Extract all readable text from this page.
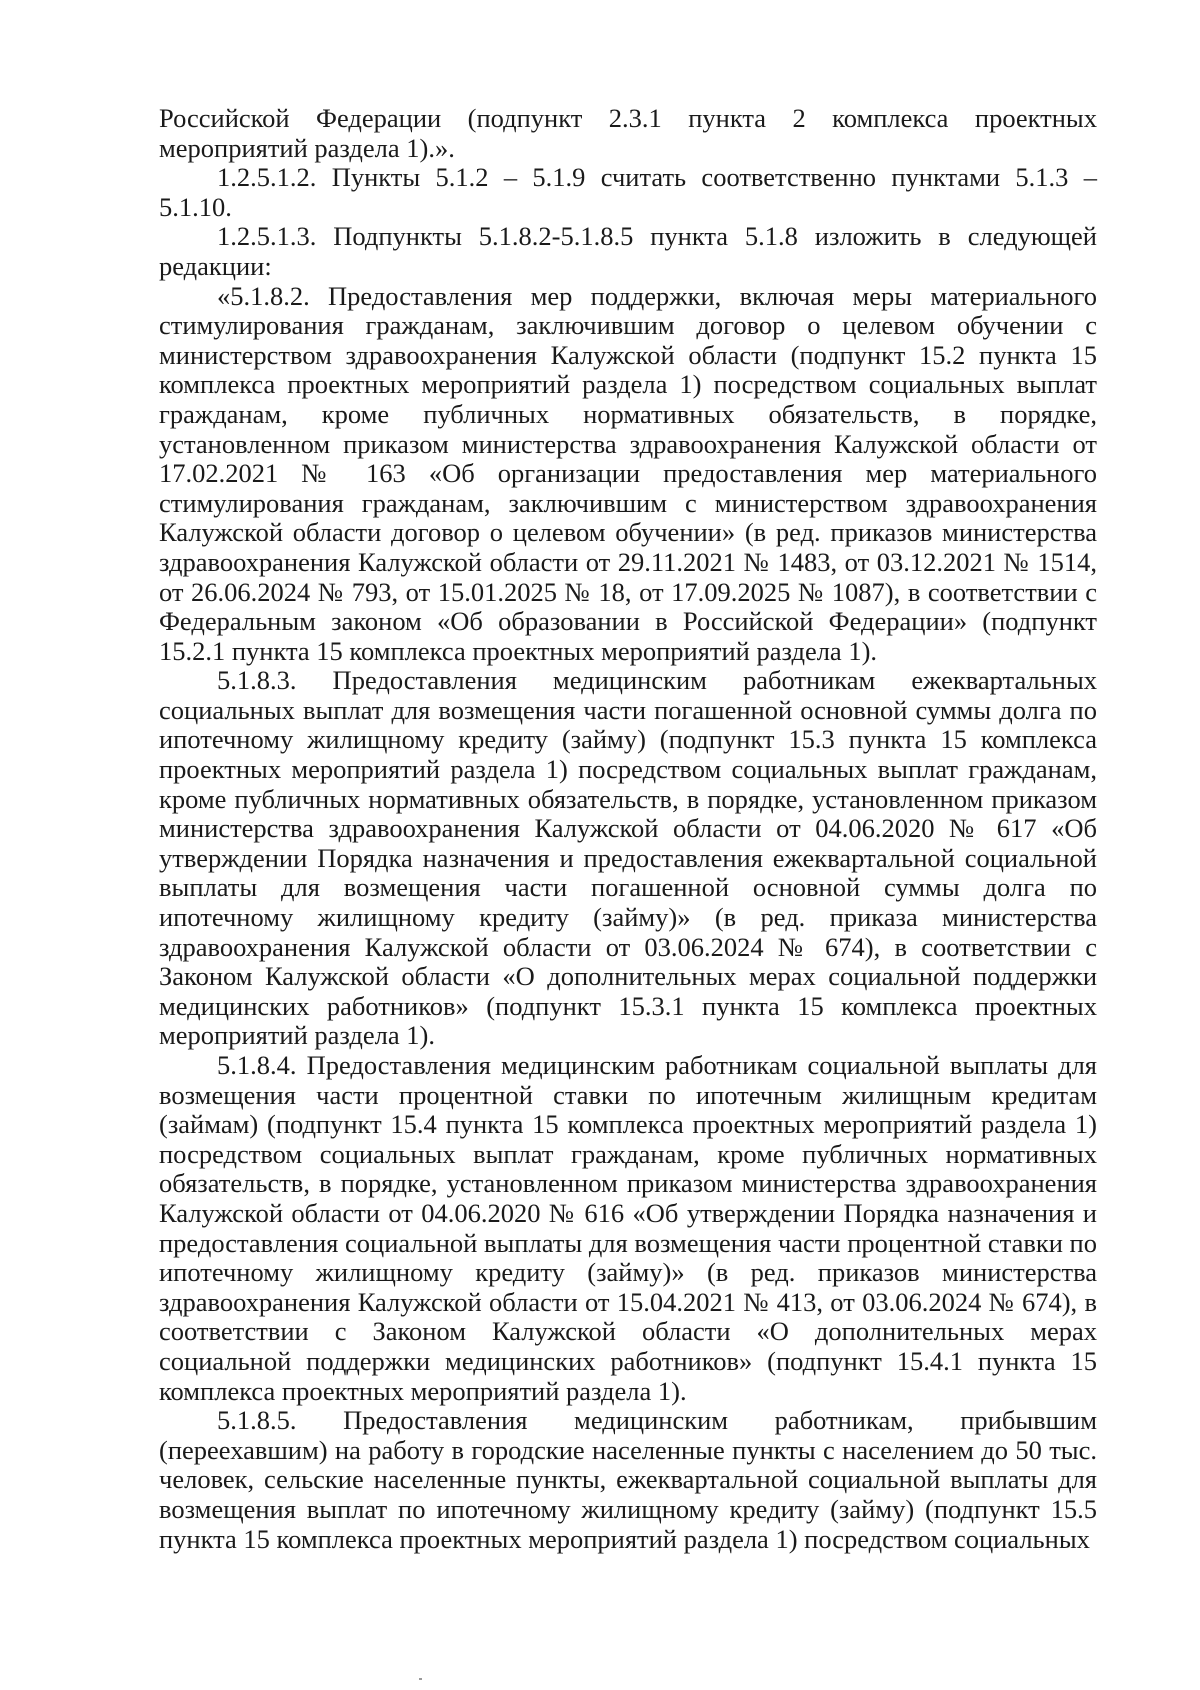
Российской Федерации (подпункт 2.3.1 пункта 2 комплекса проектных мероприятий раздела 1).».

1.2.5.1.2. Пункты 5.1.2 – 5.1.9 считать соответственно пунктами 5.1.3 – 5.1.10.

1.2.5.1.3. Подпункты 5.1.8.2-5.1.8.5 пункта 5.1.8 изложить в следующей редакции:

«5.1.8.2. Предоставления мер поддержки, включая меры материального стимулирования гражданам, заключившим договор о целевом обучении с министерством здравоохранения Калужской области (подпункт 15.2 пункта 15 комплекса проектных мероприятий раздела 1) посредством социальных выплат гражданам, кроме публичных нормативных обязательств, в порядке, установленном приказом министерства здравоохранения Калужской области от 17.02.2021 № 163 «Об организации предоставления мер материального стимулирования гражданам, заключившим с министерством здравоохранения Калужской области договор о целевом обучении» (в ред. приказов министерства здравоохранения Калужской области от 29.11.2021 № 1483, от 03.12.2021 № 1514, от 26.06.2024 № 793, от 15.01.2025 № 18, от 17.09.2025 № 1087), в соответствии с Федеральным законом «Об образовании в Российской Федерации» (подпункт 15.2.1 пункта 15 комплекса проектных мероприятий раздела 1).

5.1.8.3. Предоставления медицинским работникам ежеквартальных социальных выплат для возмещения части погашенной основной суммы долга по ипотечному жилищному кредиту (займу) (подпункт 15.3 пункта 15 комплекса проектных мероприятий раздела 1) посредством социальных выплат гражданам, кроме публичных нормативных обязательств, в порядке, установленном приказом министерства здравоохранения Калужской области от 04.06.2020 № 617 «Об утверждении Порядка назначения и предоставления ежеквартальной социальной выплаты для возмещения части погашенной основной суммы долга по ипотечному жилищному кредиту (займу)» (в ред. приказа министерства здравоохранения Калужской области от 03.06.2024 № 674), в соответствии с Законом Калужской области «О дополнительных мерах социальной поддержки медицинских работников» (подпункт 15.3.1 пункта 15 комплекса проектных мероприятий раздела 1).

5.1.8.4. Предоставления медицинским работникам социальной выплаты для возмещения части процентной ставки по ипотечным жилищным кредитам (займам) (подпункт 15.4 пункта 15 комплекса проектных мероприятий раздела 1) посредством социальных выплат гражданам, кроме публичных нормативных обязательств, в порядке, установленном приказом министерства здравоохранения Калужской области от 04.06.2020 № 616 «Об утверждении Порядка назначения и предоставления социальной выплаты для возмещения части процентной ставки по ипотечному жилищному кредиту (займу)» (в ред. приказов министерства здравоохранения Калужской области от 15.04.2021 № 413, от 03.06.2024 № 674), в соответствии с Законом Калужской области «О дополнительных мерах социальной поддержки медицинских работников» (подпункт 15.4.1 пункта 15 комплекса проектных мероприятий раздела 1).

5.1.8.5. Предоставления медицинским работникам, прибывшим (переехавшим) на работу в городские населенные пункты с населением до 50 тыс. человек, сельские населенные пункты, ежеквартальной социальной выплаты для возмещения выплат по ипотечному жилищному кредиту (займу) (подпункт 15.5 пункта 15 комплекса проектных мероприятий раздела 1) посредством социальных
